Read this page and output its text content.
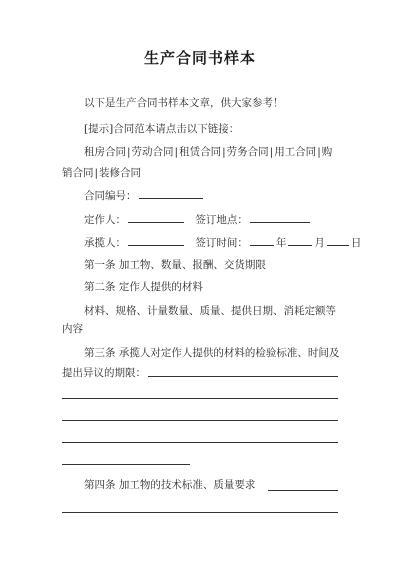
生产合同书样本
以下是生产合同书样本文章，供大家参考！
[提示]合同范本请点击以下链接：
租房合同|劳动合同|租赁合同|劳务合同|用工合同|购
销合同|装修合同
合同编号：
定作人：	签订地点：
承揽人：	签订时间：	年	月 日
第一条 加工物、数量、报酬、交货期限
第二条 定作人提供的材料
材料、规格、计量数量、质量、提供日期、消耗定额等
内容
第三条 承揽人对定作人提供的材料的检验标准、时间及
提出异议的期限：
第四条 加工物的技术标准、质量要求
